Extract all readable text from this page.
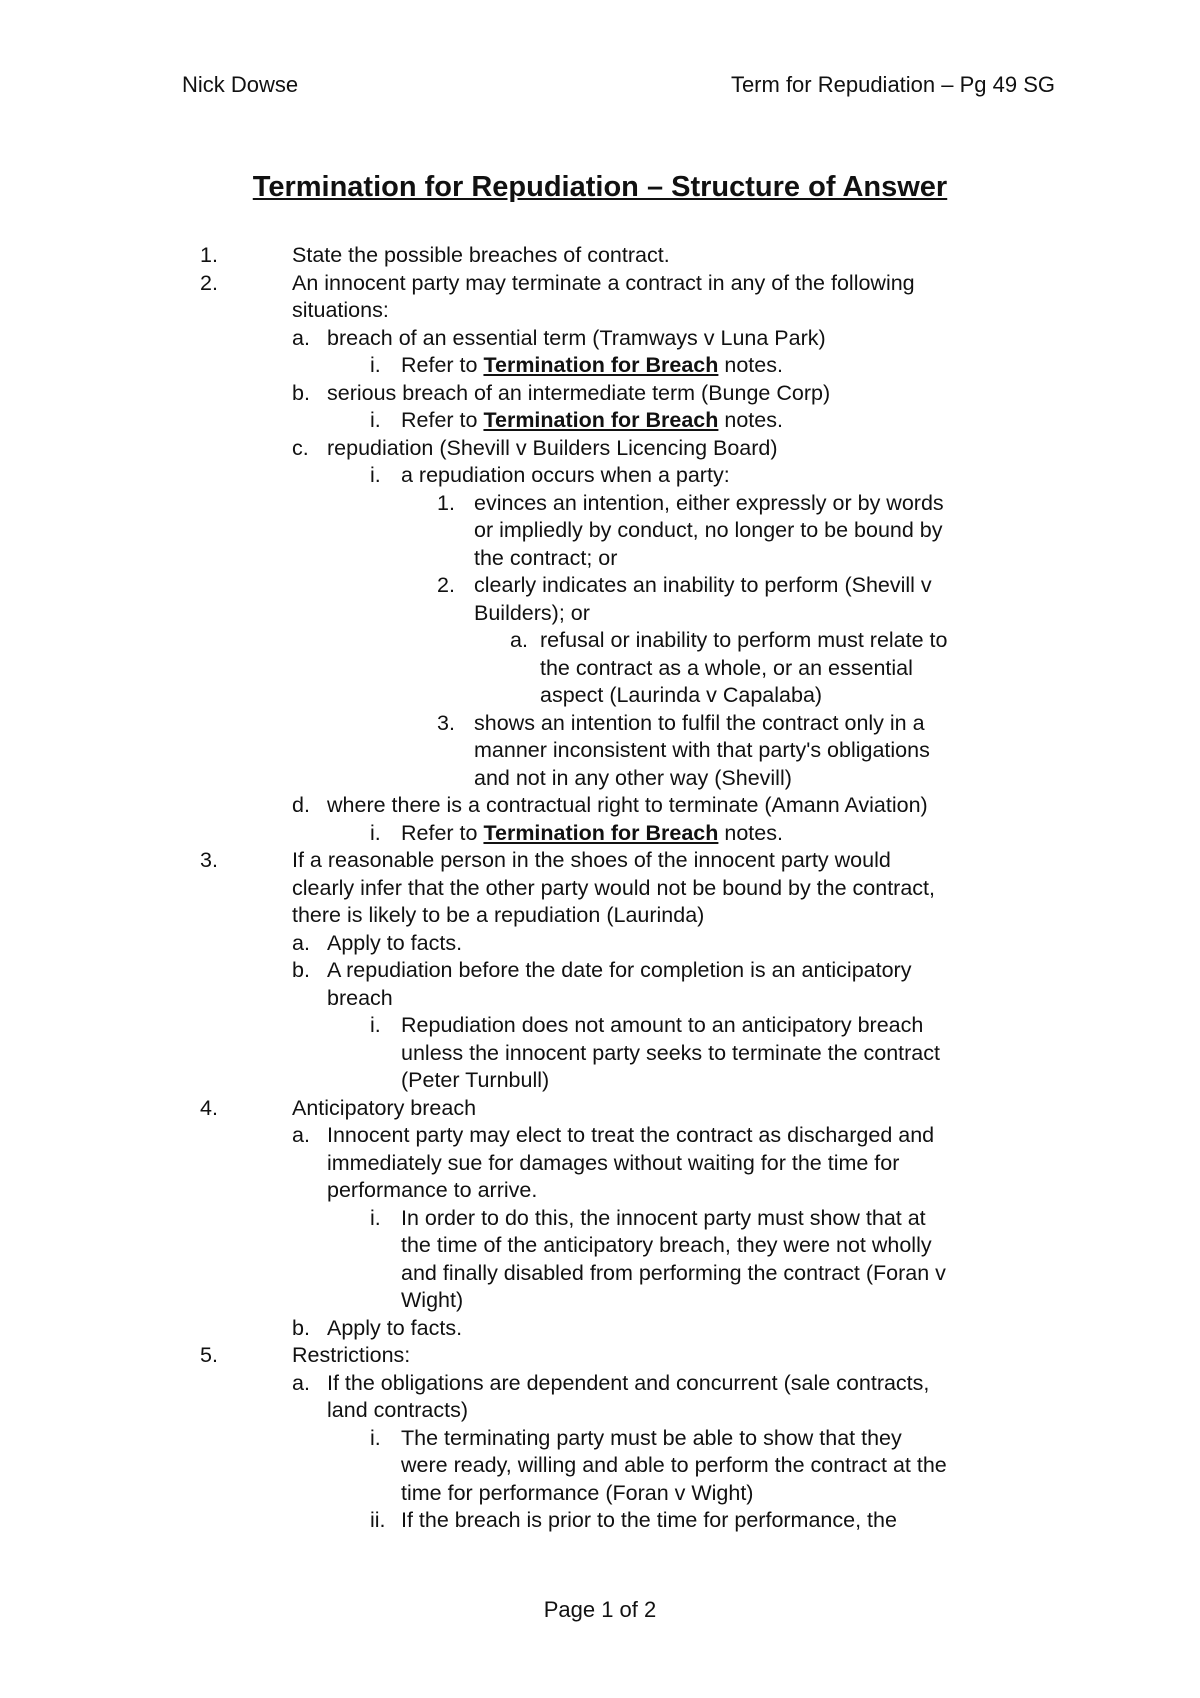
Nick Dowse	Term for Repudiation – Pg 49 SG
Termination for Repudiation – Structure of Answer
1.	State the possible breaches of contract.
2.	An innocent party may terminate a contract in any of the following
situations:
a. breach of an essential term (Tramways v Luna Park)
i. Refer to Termination for Breach notes.
b. serious breach of an intermediate term (Bunge Corp)
i. Refer to Termination for Breach notes.
c. repudiation (Shevill v Builders Licencing Board)
i. a repudiation occurs when a party:
1. evinces an intention, either expressly or by words
or impliedly by conduct, no longer to be bound by
the contract; or
2. clearly indicates an inability to perform (Shevill v
Builders); or
a. refusal or inability to perform must relate to
the contract as a whole, or an essential
aspect (Laurinda v Capalaba)
3. shows an intention to fulfil the contract only in a
manner inconsistent with that party's obligations
and not in any other way (Shevill)
d. where there is a contractual right to terminate (Amann Aviation)
i. Refer to Termination for Breach notes.
3.	If a reasonable person in the shoes of the innocent party would
clearly infer that the other party would not be bound by the contract,
there is likely to be a repudiation (Laurinda)
a. Apply to facts.
b. A repudiation before the date for completion is an anticipatory
breach
i. Repudiation does not amount to an anticipatory breach
unless the innocent party seeks to terminate the contract
(Peter Turnbull)
4.	Anticipatory breach
a. Innocent party may elect to treat the contract as discharged and
immediately sue for damages without waiting for the time for
performance to arrive.
i. In order to do this, the innocent party must show that at
the time of the anticipatory breach, they were not wholly
and finally disabled from performing the contract (Foran v
Wight)
b. Apply to facts.
5.	Restrictions:
a. If the obligations are dependent and concurrent (sale contracts,
land contracts)
i. The terminating party must be able to show that they
were ready, willing and able to perform the contract at the
time for performance (Foran v Wight)
ii. If the breach is prior to the time for performance, the
Page 1 of 2
